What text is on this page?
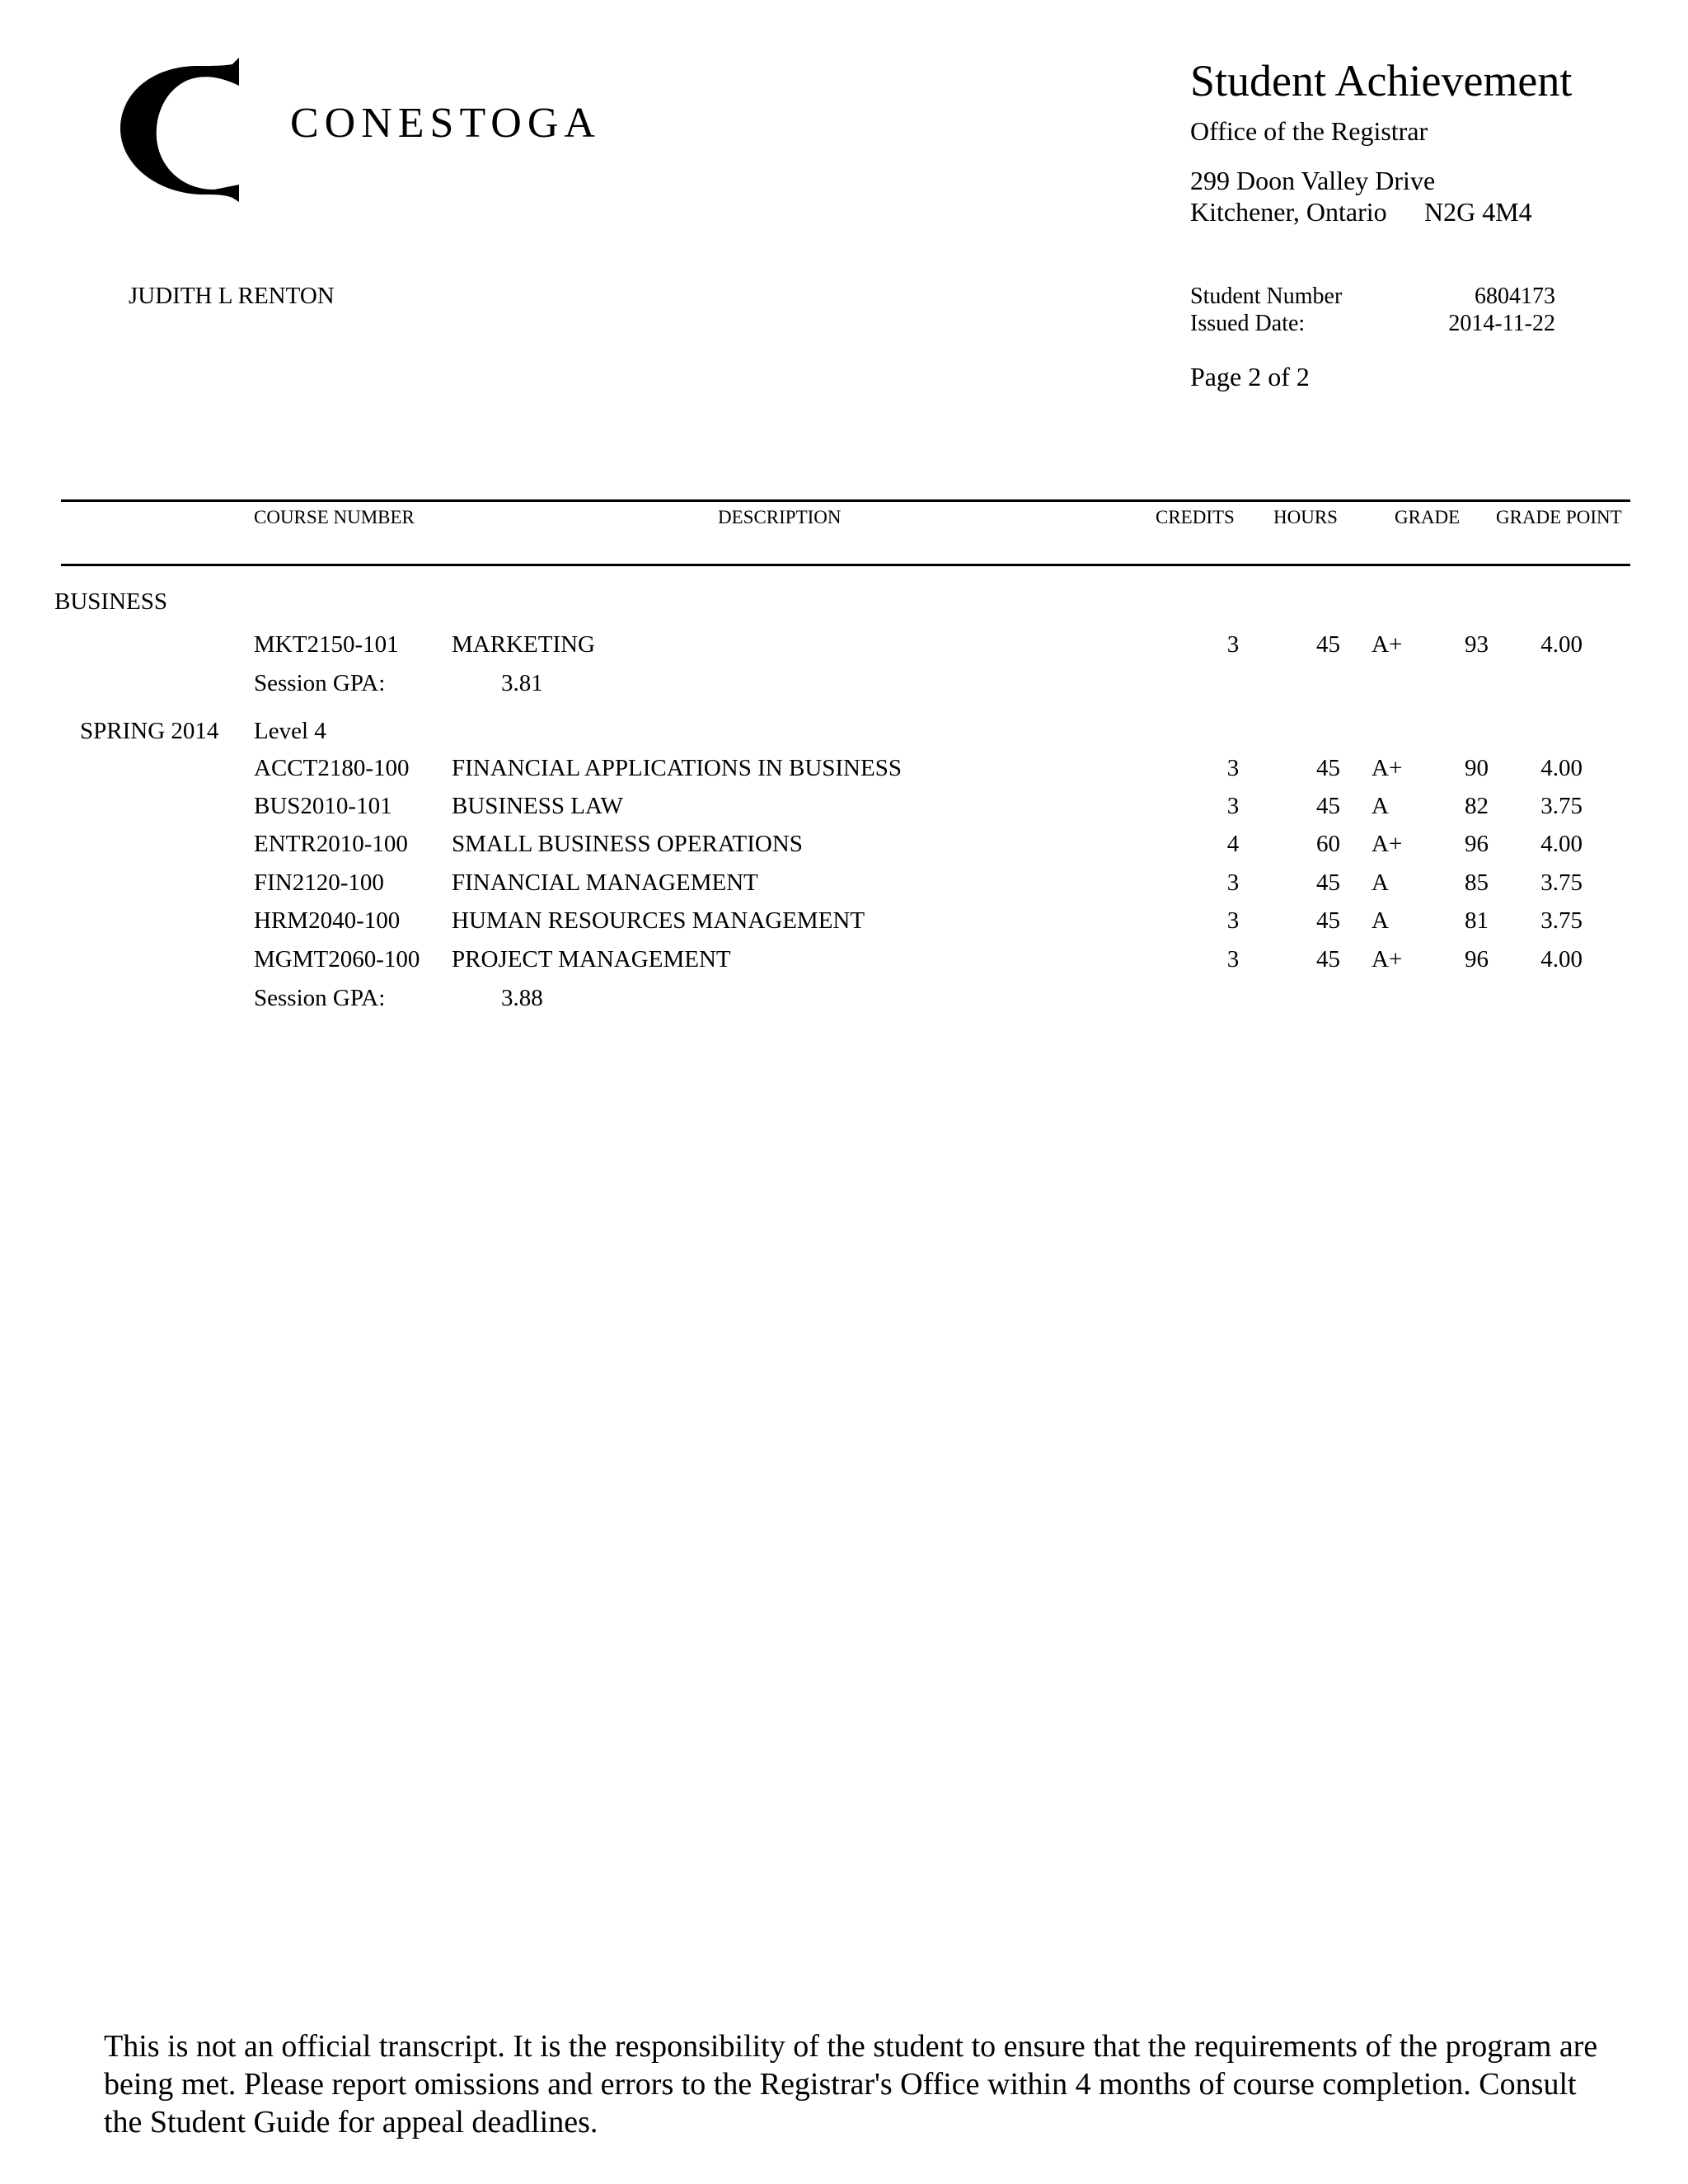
CONESTOGA
Student Achievement
Office of the Registrar
299 Doon Valley Drive
Kitchener, Ontario N2G 4M4
JUDITH L RENTON	Student Number	6804173
Issued Date:	2014-11-22
Page 2 of 2
COURSE NUMBER	DESCRIPTION	CREDITS HOURS	GRADE GRADE POINT
BUSINESS
MKT2150-101 MARKETING	3	45 A+	93 4.00
Session GPA:	3.81
SPRING 2014 Level 4
ACCT2180-100 FINANCIAL APPLICATIONS IN BUSINESS	3	45 A+	90 4.00
BUS2010-101 BUSINESS LAW	3	45 A	82 3.75
ENTR2010-100 SMALL BUSINESS OPERATIONS	4	60 A+	96 4.00
FIN2120-100	FINANCIAL MANAGEMENT	3	45 A	85 3.75
HRM2040-100 HUMAN RESOURCES MANAGEMENT	3	45 A	81 3.75
MGMT2060-100 PROJECT MANAGEMENT	3	45 A+	96 4.00
Session GPA:	3.88
This is not an official transcript. It is the responsibility of the student to ensure that the requirements of the program are being met. Please report omissions and errors to the Registrar's Office within 4 months of course completion. Consult the Student Guide for appeal deadlines.
